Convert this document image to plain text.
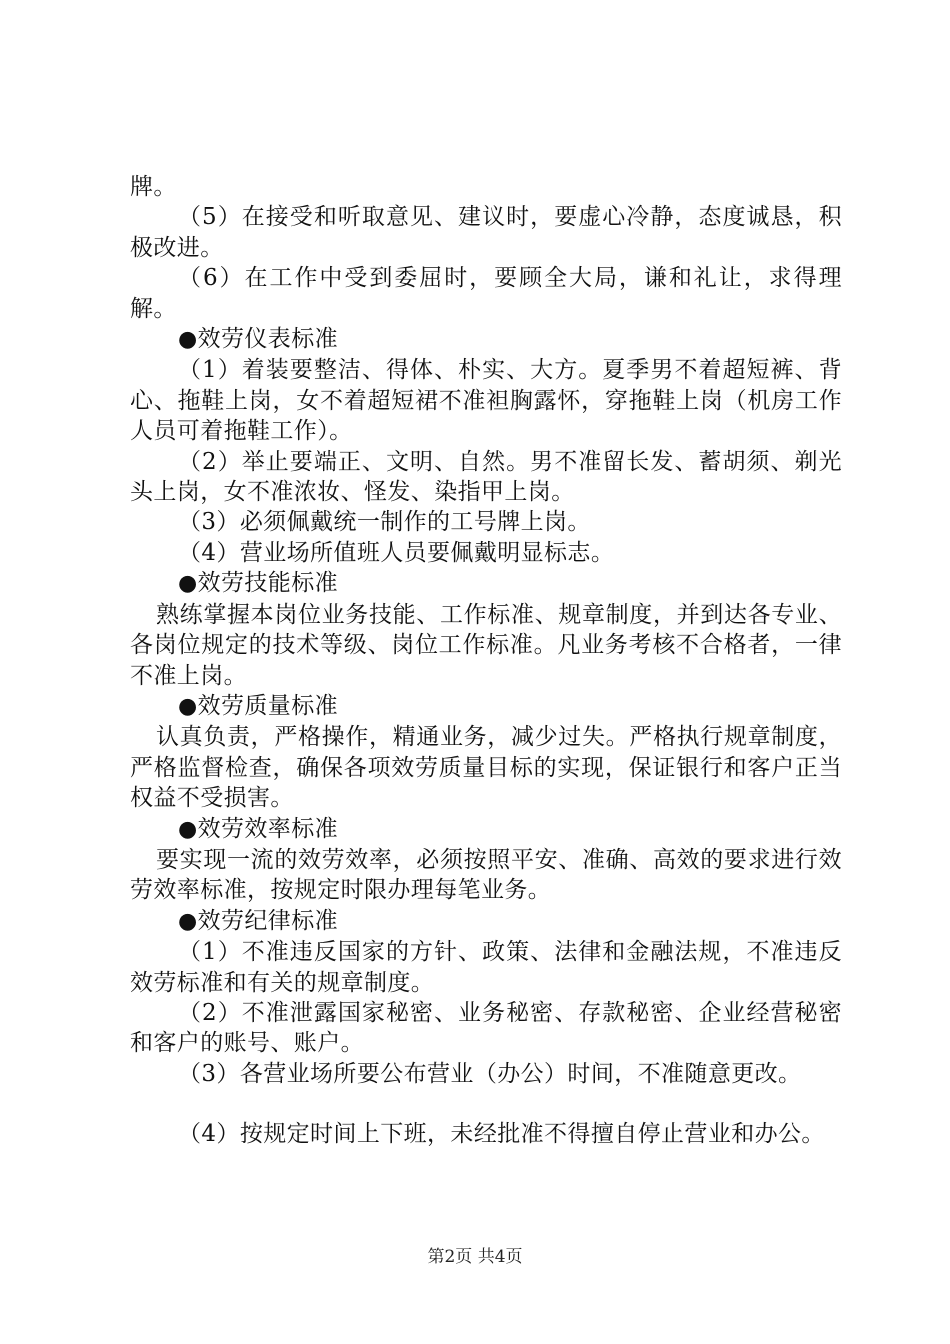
牌。

（5）在接受和听取意见、建议时，要虚心冷静，态度诚恳，积极改进。

（6）在工作中受到委屈时，要顾全大局，谦和礼让，求得理解。

●效劳仪表标准

（1）着装要整洁、得体、朴实、大方。夏季男不着超短裤、背心、拖鞋上岗，女不着超短裙不准袒胸露怀，穿拖鞋上岗（机房工作人员可着拖鞋工作）。

（2）举止要端正、文明、自然。男不准留长发、蓄胡须、剃光头上岗，女不准浓妆、怪发、染指甲上岗。

（3）必须佩戴统一制作的工号牌上岗。

（4）营业场所值班人员要佩戴明显标志。

●效劳技能标准

熟练掌握本岗位业务技能、工作标准、规章制度，并到达各专业、各岗位规定的技术等级、岗位工作标准。凡业务考核不合格者，一律不准上岗。

●效劳质量标准

认真负责，严格操作，精通业务，减少过失。严格执行规章制度，严格监督检查，确保各项效劳质量目标的实现，保证银行和客户正当权益不受损害。

●效劳效率标准

要实现一流的效劳效率，必须按照平安、准确、高效的要求进行效劳效率标准，按规定时限办理每笔业务。

●效劳纪律标准

（1）不准违反国家的方针、政策、法律和金融法规，不准违反效劳标准和有关的规章制度。

（2）不准泄露国家秘密、业务秘密、存款秘密、企业经营秘密和客户的账号、账户。

（3）各营业场所要公布营业（办公）时间，不准随意更改。

（4）按规定时间上下班，未经批准不得擅自停止营业和办公。

第2页 共4页
